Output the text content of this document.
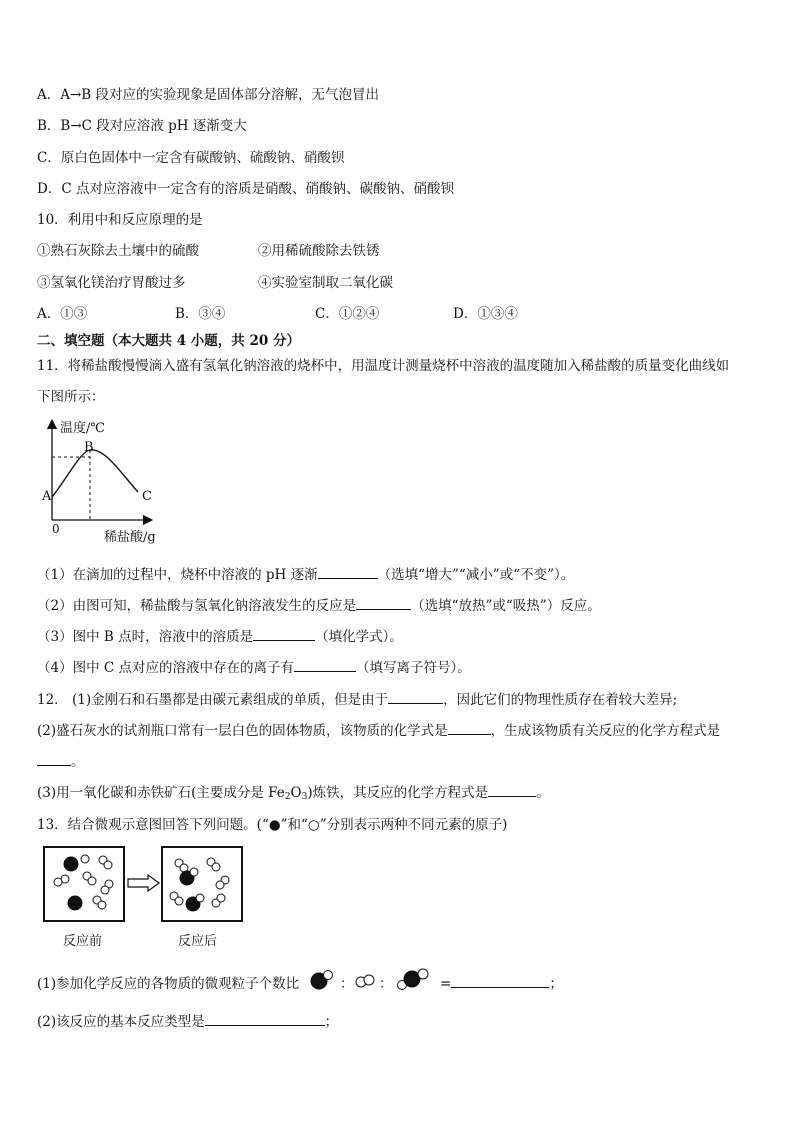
A．A→B 段对应的实验现象是固体部分溶解，无气泡冒出
B．B→C 段对应溶液 pH 逐渐变大
C．原白色固体中一定含有碳酸钠、硫酸钠、硝酸钡
D．C 点对应溶液中一定含有的溶质是硝酸、硝酸钠、碳酸钠、硝酸钡
10．利用中和反应原理的是
①熟石灰除去土壤中的硫酸	②用稀硫酸除去铁锈
③氢氧化镁治疗胃酸过多	④实验室制取二氧化碳
A．①③	B．③④	C．①②④	D．①③④
二、填空题（本大题共 4 小题，共 20 分）
11．将稀盐酸慢慢滴入盛有氢氧化钠溶液的烧杯中，用温度计测量烧杯中溶液的温度随加入稀盐酸的质量变化曲线如
下图所示：
温度/℃
B
A	C
0
稀盐酸/g
（1）在滴加的过程中，烧杯中溶液的 pH 逐渐	（选填“增大”“减小”或“不变”）。
（2）由图可知，稀盐酸与氢氧化钠溶液发生的反应是	（选填“放热”或“吸热”）反应。
（3）图中 B 点时，溶液中的溶质是	（填化学式）。
（4）图中 C 点对应的溶液中存在的离子有	（填写离子符号）。
12． (1)金刚石和石墨都是由碳元素组成的单质，但是由于	，因此它们的物理性质存在着较大差异;
(2)盛石灰水的试剂瓶口常有一层白色的固体物质，该物质的化学式是	，生成该物质有关反应的化学方程式是
。
(3)用一氧化碳和赤铁矿石(主要成分是 $Fe_2O_3$)炼铁，其反应的化学方程式是	。
13．结合微观示意图回答下列问题。(“●”和“○”分别表示两种不同元素的原子)
反应前	反应后
(1)参加化学反应的各物质的微观粒子个数比	： ：	=	；
(2)该反应的基本反应类型是	；
